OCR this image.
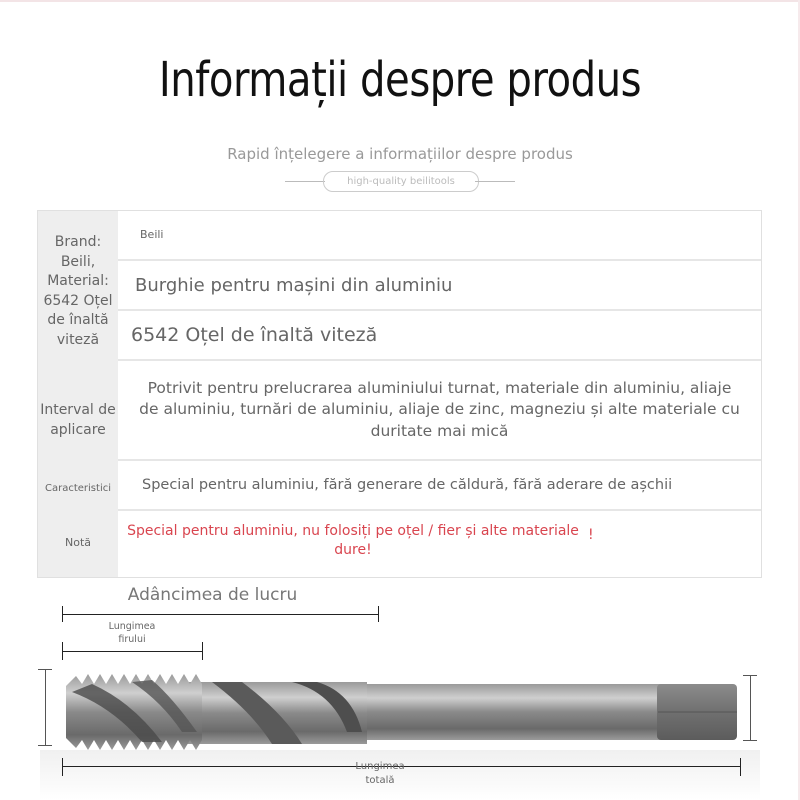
Informații despre produs
Rapid înțelegere a informațiilor despre produs
high-quality beilitools
Brand: Beili, Material: 6542 Oțel de înaltă viteză
Interval de aplicare
Caracteristici
Notă
Beili
Burghie pentru mașini din aluminiu
6542 Oțel de înaltă viteză
Potrivit pentru prelucrarea aluminiului turnat, materiale din aluminiu, aliaje de aluminiu, turnări de aluminiu, aliaje de zinc, magneziu și alte materiale cu duritate mai mică
Special pentru aluminiu, fără generare de căldură, fără aderare de așchii
Special pentru aluminiu, nu folosiți pe oțel / fier și alte materiale dure!
!
Adâncimea de lucru
Lungimea firului
Lungimea totală
